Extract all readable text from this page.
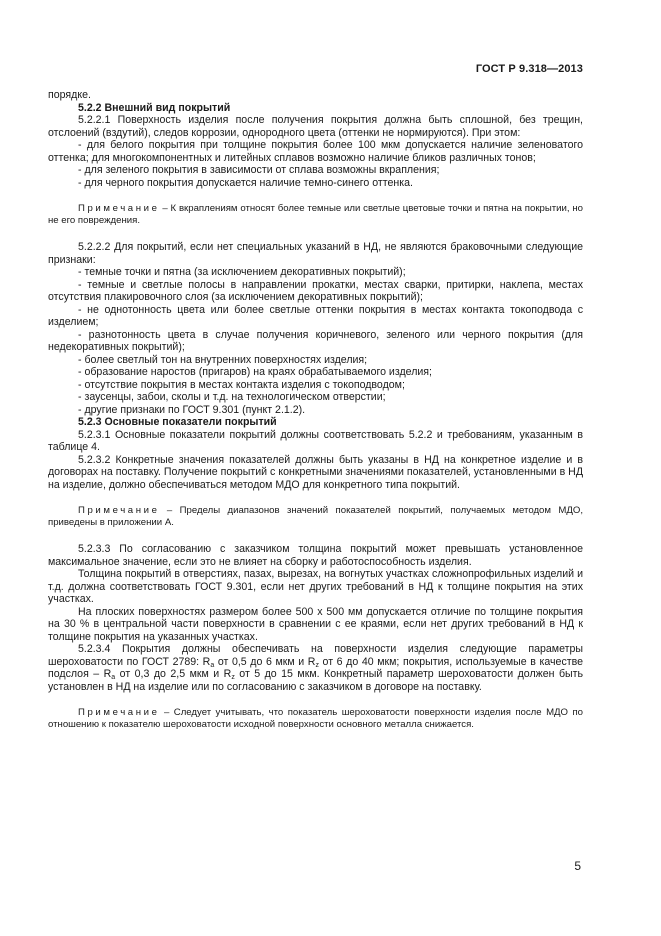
ГОСТ Р 9.318—2013

порядке.

5.2.2 Внешний вид покрытий

5.2.2.1 Поверхность изделия после получения покрытия должна быть сплошной, без трещин, отслоений (вздутий), следов коррозии, однородного цвета (оттенки не нормируются). При этом:

- для белого покрытия при толщине покрытия более 100 мкм допускается наличие зеленоватого оттенка; для многокомпонентных и литейных сплавов возможно наличие бликов различных тонов;

- для зеленого покрытия в зависимости от сплава возможны вкрапления;

- для черного покрытия допускается наличие темно-синего оттенка.

Примечание – К вкраплениям относят более темные или светлые цветовые точки и пятна на покрытии, но не его повреждения.

5.2.2.2 Для покрытий, если нет специальных указаний в НД, не являются браковочными следующие признаки:

- темные точки и пятна (за исключением декоративных покрытий);

- темные и светлые полосы в направлении прокатки, местах сварки, притирки, наклепа, местах отсутствия плакировочного слоя (за исключением декоративных покрытий);

- не однотонность цвета или более светлые оттенки покрытия в местах контакта токоподвода с изделием;

- разнотонность цвета в случае получения коричневого, зеленого или черного покрытия (для недекоративных покрытий);

- более светлый тон на внутренних поверхностях изделия;

- образование наростов (пригаров) на краях обрабатываемого изделия;

- отсутствие покрытия в местах контакта изделия с токоподводом;

- заусенцы, забои, сколы и т.д. на технологическом отверстии;

- другие признаки по ГОСТ 9.301 (пункт 2.1.2).

5.2.3 Основные показатели покрытий

5.2.3.1 Основные показатели покрытий должны соответствовать 5.2.2 и требованиям, указанным в таблице 4.

5.2.3.2 Конкретные значения показателей должны быть указаны в НД на конкретное изделие и в договорах на поставку. Получение покрытий с конкретными значениями показателей, установленными в НД на изделие, должно обеспечиваться методом МДО для конкретного типа покрытий.

Примечание – Пределы диапазонов значений показателей покрытий, получаемых методом МДО, приведены в приложении А.

5.2.3.3 По согласованию с заказчиком толщина покрытий может превышать установленное максимальное значение, если это не влияет на сборку и работоспособность изделия.

Толщина покрытий в отверстиях, пазах, вырезах, на вогнутых участках сложнопрофильных изделий и т.д. должна соответствовать ГОСТ 9.301, если нет других требований в НД к толщине покрытия на этих участках.

На плоских поверхностях размером более 500 x 500 мм допускается отличие по толщине покрытия на 30 % в центральной части поверхности в сравнении с ее краями, если нет других требований в НД к толщине покрытия на указанных участках.

5.2.3.4 Покрытия должны обеспечивать на поверхности изделия следующие параметры шероховатости по ГОСТ 2789: $R_a$ от 0,5 до 6 мкм и $R_z$ от 6 до 40 мкм; покрытия, используемые в качестве подслоя – $R_a$ от 0,3 до 2,5 мкм и $R_z$ от 5 до 15 мкм. Конкретный параметр шероховатости должен быть установлен в НД на изделие или по согласованию с заказчиком в договоре на поставку.

Примечание – Следует учитывать, что показатель шероховатости поверхности изделия после МДО по отношению к показателю шероховатости исходной поверхности основного металла снижается.

5
